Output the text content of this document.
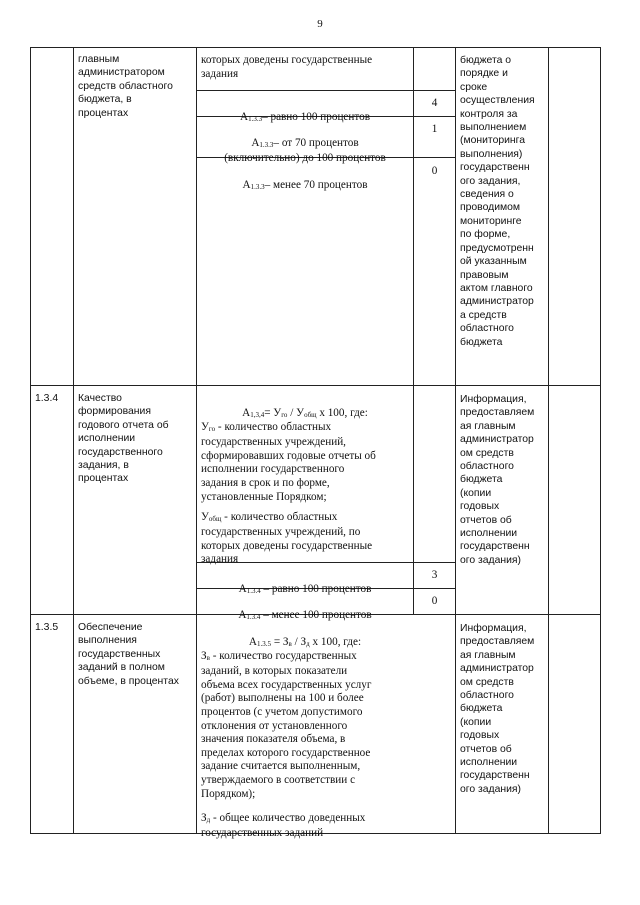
9
главным
администратором
средств областного
бюджета, в
процентах
которых доведены государственные
задания

$А_{1.3.3}-$ равно 100 процентов

4

$А_{1.3.3}-$ от 70 процентов
(включительно) до 100 процентов

1

$А_{1.3.3}-$ менее 70 процентов

0
бюджета о
порядке и
сроке
осуществления
контроля за
выполнением
(мониторинга
выполнения)
государственн
ого задания,
сведения о
проводимом
мониторинге
по форме,
предусмотренн
ой указанным
правовым
актом главного
администратор
а средств
областного
бюджета
1.3.4	Качество
формирования
годового отчета об
исполнении
государственного
задания, в
процентах

$А_{1,3,4}= У_{го} / У_{общ}$ х 100, где:

$У_{го}$ - количество областных
государственных учреждений,
сформировавших годовые отчеты об
исполнении государственного
задания в срок и по форме,
установленные Порядком;

$У_{общ}$ - количество областных
государственных учреждений, по
которых доведены государственные
задания

$А_{1.3.4}$ – равно 100 процентов

3

$А_{1.3.4}$ – менее 100 процентов

0
Информация,
предоставляем
ая главным
администратор
ом средств
областного
бюджета
(копии
годовых
отчетов об
исполнении
государственн
ого задания)
1.3.5	Обеспечение
выполнения
государственных
заданий в полном
объеме, в процентах

$А_{1.3.5} = З_в / З_д$ х 100, где:

$З_в$ - количество государственных
заданий, в которых показатели
объема всех государственных услуг
(работ) выполнены на 100 и более
процентов (с учетом допустимого
отклонения от установленного
значения показателя объема, в
пределах которого государственное
задание считается выполненным,
утверждаемого в соответствии с
Порядком);

$З_д$ - общее количество доведенных
государственных заданий

Информация,
предоставляем
ая главным
администратор
ом средств
областного
бюджета
(копии
годовых
отчетов об
исполнении
государственн
ого задания)
